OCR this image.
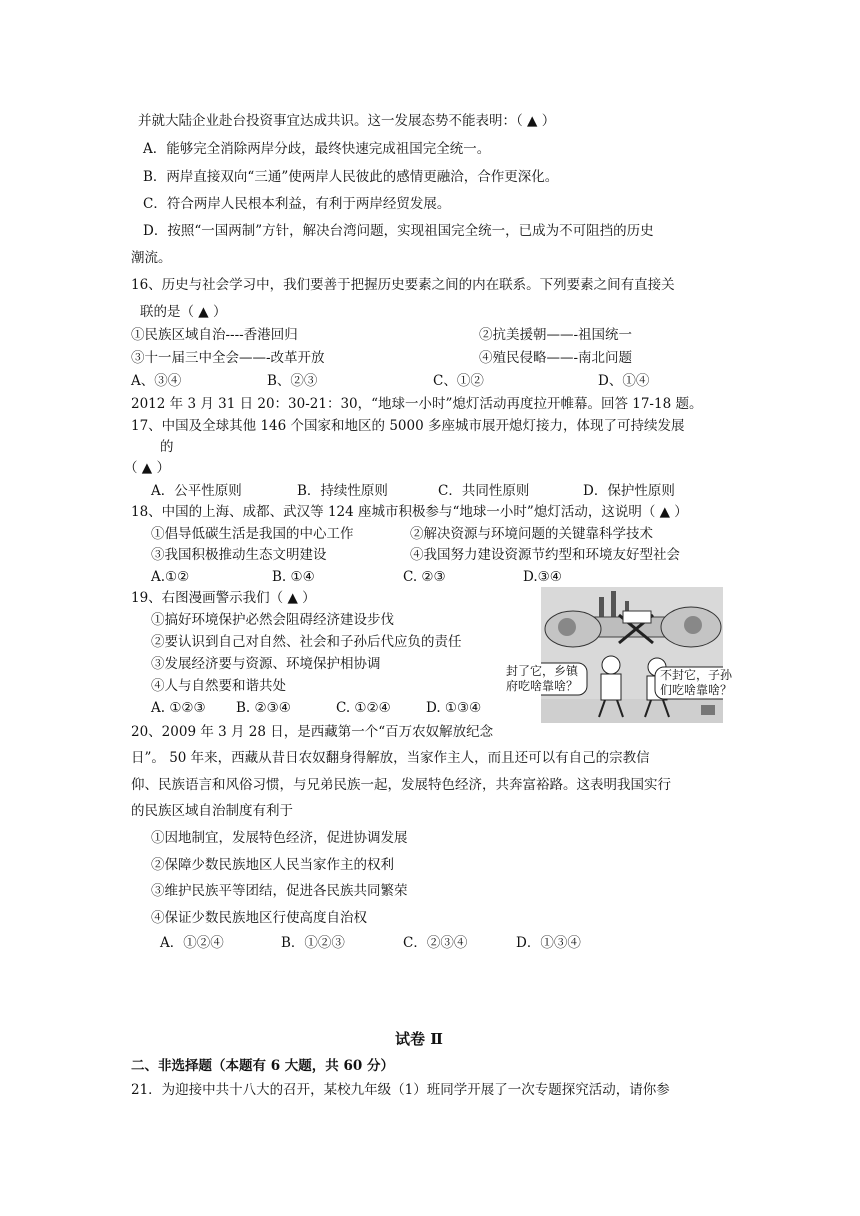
并就大陆企业赴台投资事宜达成共识。这一发展态势不能表明：（ ▲ ）
A．能够完全消除两岸分歧，最终快速完成祖国完全统一。
B．两岸直接双向“三通”使两岸人民彼此的感情更融洽，合作更深化。
C．符合两岸人民根本利益，有利于两岸经贸发展。
D．按照“一国两制”方针，解决台湾问题，实现祖国完全统一，已成为不可阻挡的历史
潮流。
16、历史与社会学习中，我们要善于把握历史要素之间的内在联系。下列要素之间有直接关
联的是（ ▲ ）
①民族区域自治----香港回归	②抗美援朝——-祖国统一
③十一届三中全会——-改革开放	④殖民侵略——-南北问题
A、③④	B、②③	C、①②	D、①④
2012 年 3 月 31 日 20：30-21：30，“地球一小时”熄灯活动再度拉开帷幕。回答 17-18 题。
17、中国及全球其他 146 个国家和地区的 5000 多座城市展开熄灯接力，体现了可持续发展
的
（ ▲ ）
A．公平性原则	B．持续性原则	C．共同性原则	D．保护性原则
18、中国的上海、成都、武汉等 124 座城市积极参与“地球一小时”熄灯活动，这说明（ ▲ ）
①倡导低碳生活是我国的中心工作	②解决资源与环境问题的关键靠科学技术
③我国积极推动生态文明建设	④我国努力建设资源节约型和环境友好型社会
A.①②	B. ①④	C. ②③	D.③④
19、右图漫画警示我们（ ▲ ）
①搞好环境保护必然会阻碍经济建设步伐
②要认识到自己对自然、社会和子孙后代应负的责任
③发展经济要与资源、环境保护相协调
④人与自然要和谐共处
A. ①②③ B. ②③④	C. ①②④	D. ①③④
封了它，乡镇
府吃啥靠啥？
不封它，子孙
们吃啥靠啥？
20、2009 年 3 月 28 日，是西藏第一个“百万农奴解放纪念
日”。 50 年来，西藏从昔日农奴翻身得解放，当家作主人，而且还可以有自己的宗教信
仰、民族语言和风俗习惯，与兄弟民族一起，发展特色经济，共奔富裕路。这表明我国实行
的民族区域自治制度有利于
①因地制宜，发展特色经济，促进协调发展
②保障少数民族地区人民当家作主的权利
③维护民族平等团结，促进各民族共同繁荣
④保证少数民族地区行使高度自治权
A．①②④	B．①②③	C．②③④	D．①③④
试卷 Ⅱ
二、非选择题（本题有 6 大题，共 60 分）
21．为迎接中共十八大的召开，某校九年级（1）班同学开展了一次专题探究活动，请你参
